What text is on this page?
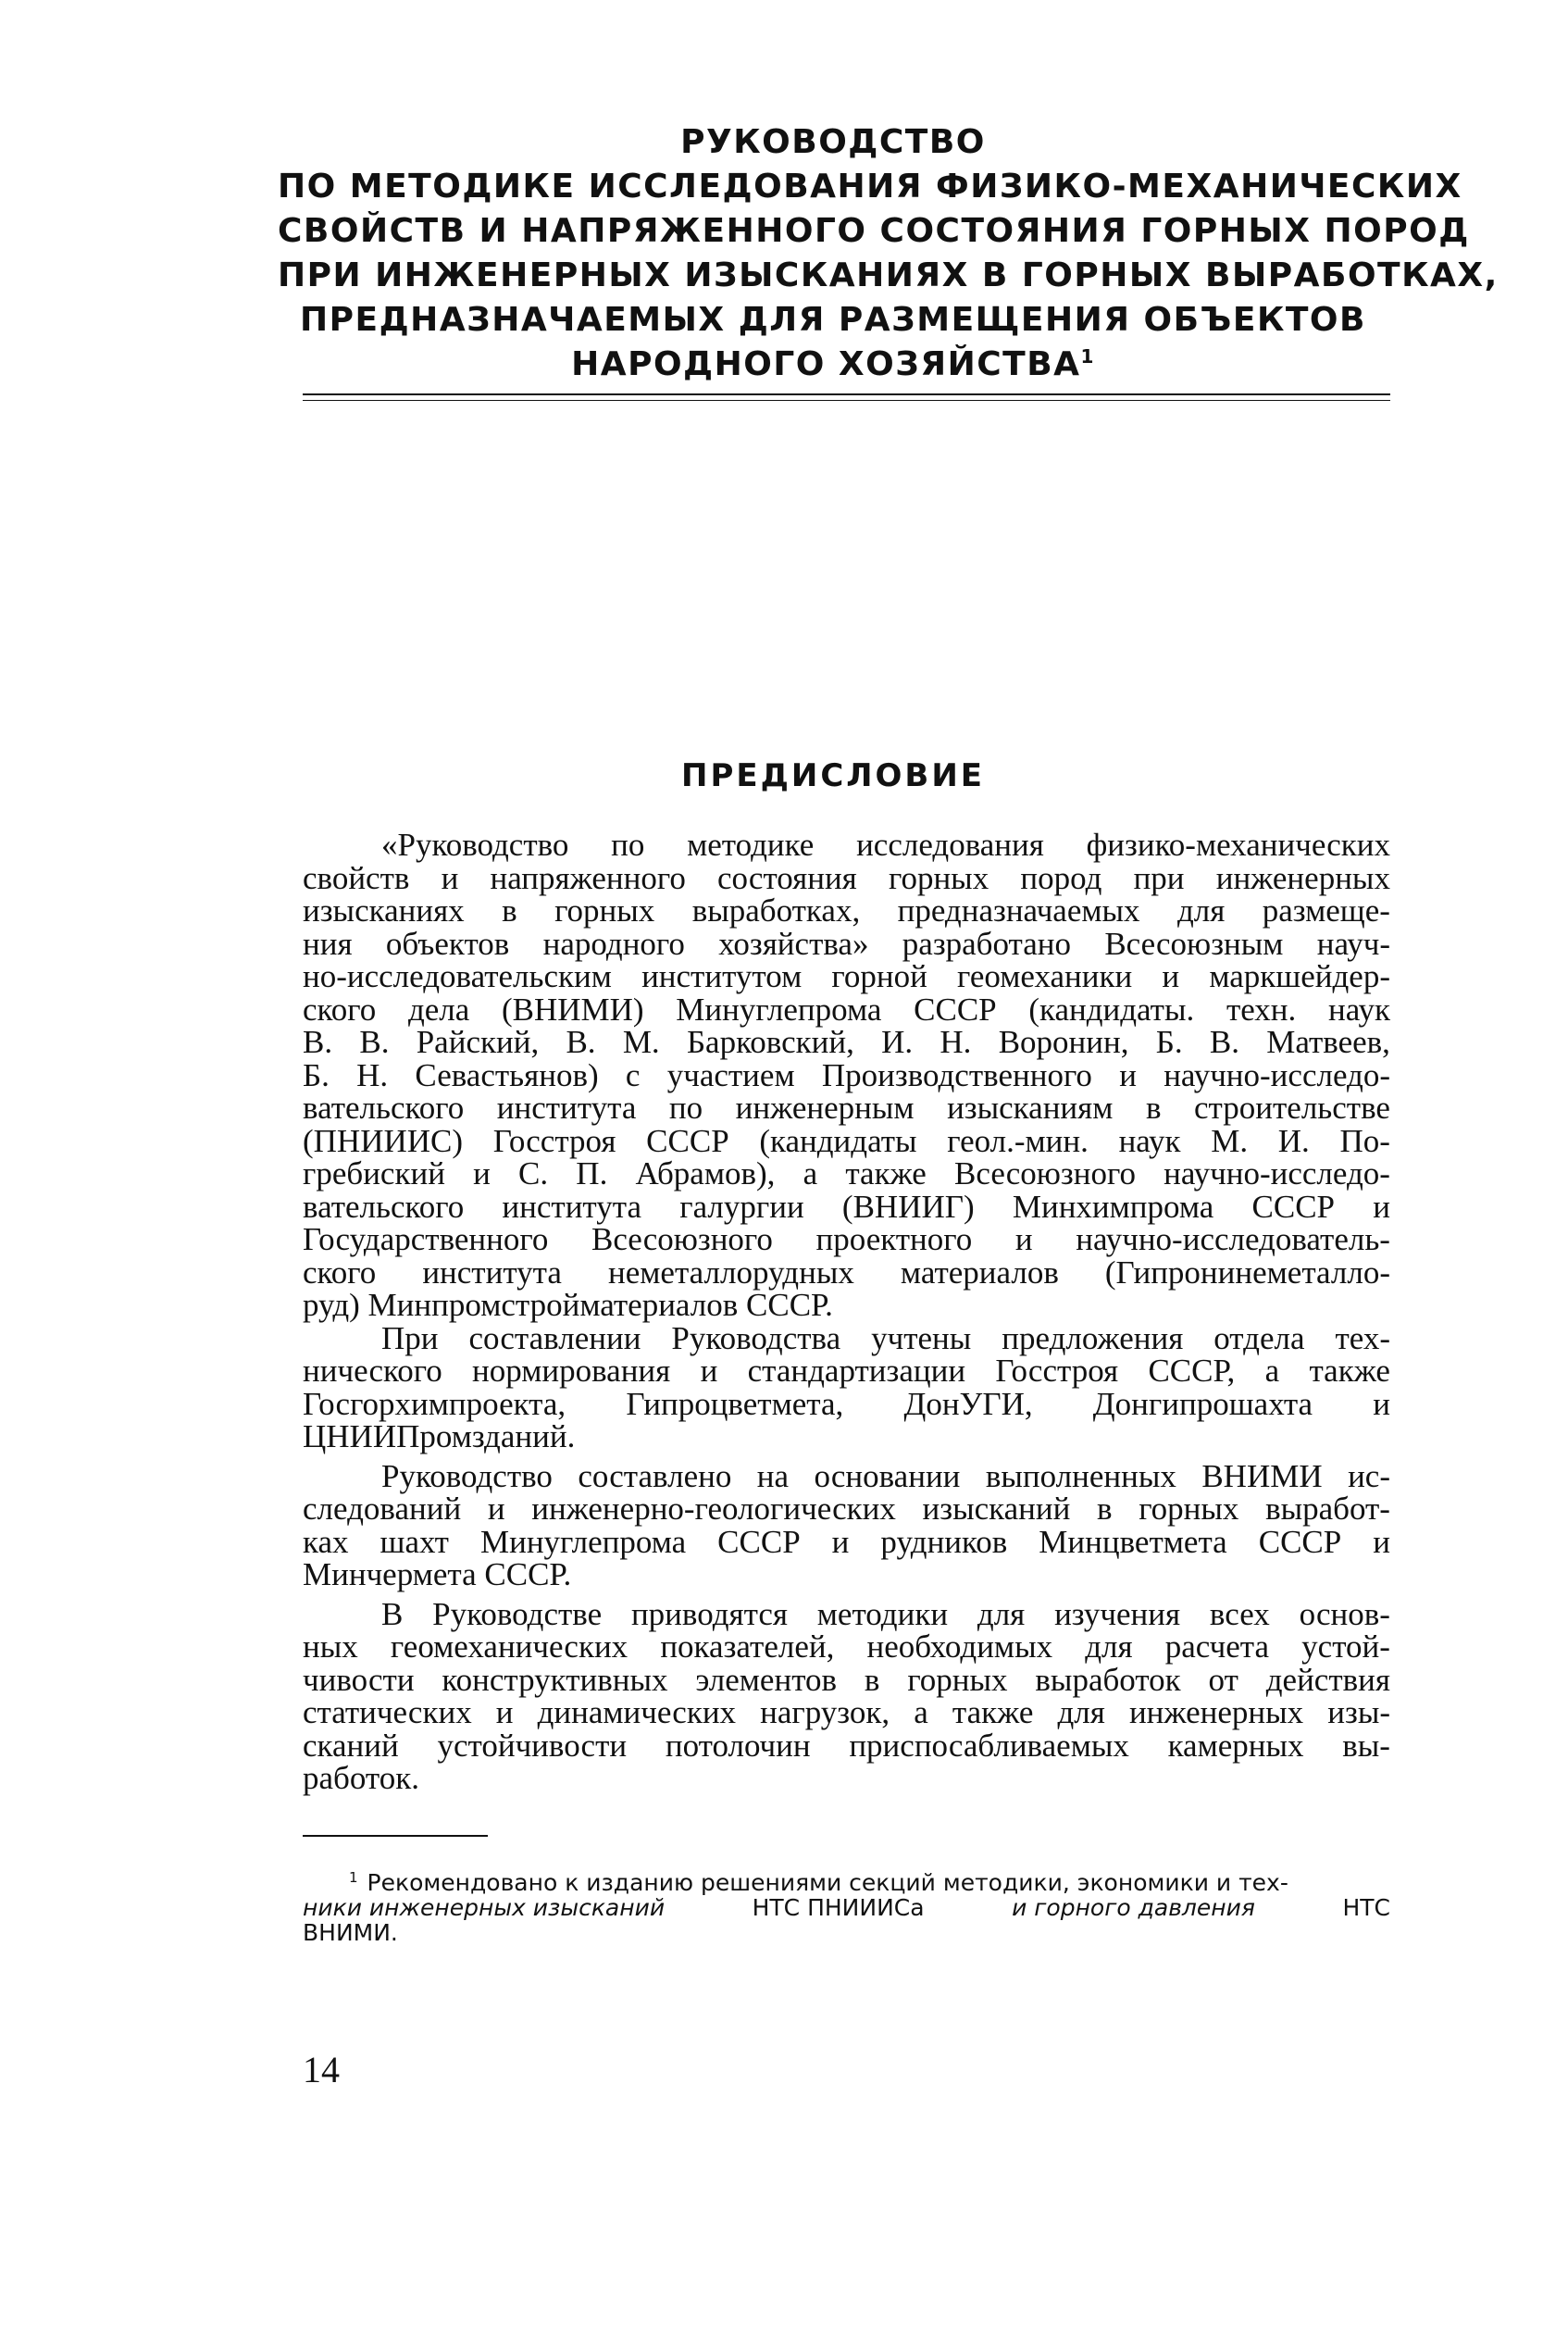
РУКОВОДСТВО
ПО МЕТОДИКЕ ИССЛЕДОВАНИЯ ФИЗИКО-МЕХАНИЧЕСКИХ
СВОЙСТВ И НАПРЯЖЕННОГО СОСТОЯНИЯ ГОРНЫХ ПОРОД
ПРИ ИНЖЕНЕРНЫХ ИЗЫСКАНИЯХ В ГОРНЫХ ВЫРАБОТКАХ,
ПРЕДНАЗНАЧАЕМЫХ ДЛЯ РАЗМЕЩЕНИЯ ОБЪЕКТОВ
НАРОДНОГО ХОЗЯЙСТВА$^1$
ПРЕДИСЛОВИЕ
«Руководство по методике исследования физико-механических
свойств и напряженного состояния горных пород при инженерных
изысканиях в горных выработках, предназначаемых для размеще-
ния объектов народного хозяйства» разработано Всесоюзным науч-
но-исследовательским институтом горной геомеханики и маркшейдер-
ского дела (ВНИМИ) Минуглепрома СССР (кандидаты. техн. наук
В. В. Райский, В. М. Барковский, И. Н. Воронин, Б. В. Матвеев,
Б. Н. Севастьянов) с участием Производственного и научно-исследо-
вательского института по инженерным изысканиям в строительстве
(ПНИИИС) Госстроя СССР (кандидаты геол.-мин. наук М. И. По-
гребиский и С. П. Абрамов), а также Всесоюзного научно-исследо-
вательского института галургии (ВНИИГ) Минхимпрома СССР и
Государственного Всесоюзного проектного и научно-исследователь-
ского института неметаллорудных материалов (Гипронинеметалло-
руд) Минпромстройматериалов СССР.
При составлении Руководства учтены предложения отдела тех-
нического нормирования и стандартизации Госстроя СССР, а также
Госгорхимпроекта, Гипроцветмета, ДонУГИ, Донгипрошахта и
ЦНИИПромзданий.
Руководство составлено на основании выполненных ВНИМИ ис-
следований и инженерно-геологических изысканий в горных выработ-
ках шахт Минуглепрома СССР и рудников Минцветмета СССР и
Минчермета СССР.
В Руководстве приводятся методики для изучения всех основ-
ных геомеханических показателей, необходимых для расчета устой-
чивости конструктивных элементов в горных выработок от действия
статических и динамических нагрузок, а также для инженерных изы-
сканий устойчивости потолочин приспосабливаемых камерных вы-
работок.
$^1$ Рекомендовано к изданию решениями секций методики, экономики и тех-
ники инженерных изысканий	НТС ПНИИИСа	и горного давления	НТС
ВНИМИ.
14
